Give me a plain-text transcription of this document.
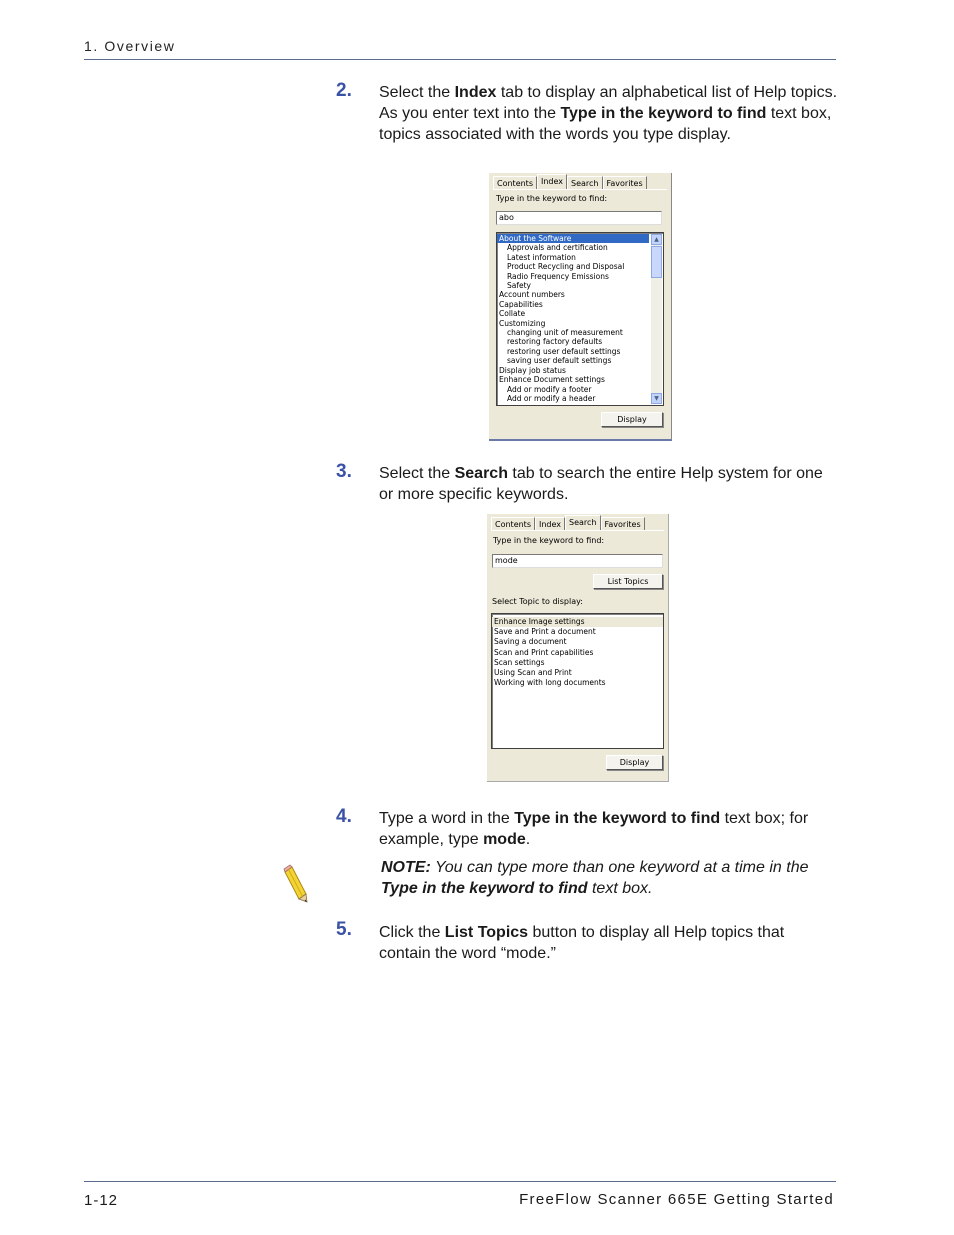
1. Overview
2. Select the Index tab to display an alphabetical list of Help topics. As you enter text into the Type in the keyword to find text box, topics associated with the words you type display.
Contents	Index	Search	Favorites
Type in the keyword to find:
abo
About the Software
Approvals and certification
Latest information
Product Recycling and Disposal
Radio Frequency Emissions
Safety
Account numbers
Capabilities
Collate
Customizing
changing unit of measurement
restoring factory defaults
restoring user default settings
saving user default settings
Display job status
Enhance Document settings
Add or modify a footer
Add or modify a header
▲
▼
Display
3. Select the Search tab to search the entire Help system for one or more specific keywords.
Contents	Index	Search	Favorites
Type in the keyword to find:
mode
List Topics
Select Topic to display:
Enhance Image settings
Save and Print a document
Saving a document
Scan and Print capabilities
Scan settings
Using Scan and Print
Working with long documents
Display
4. Type a word in the Type in the keyword to find text box; for example, type mode.
NOTE: You can type more than one keyword at a time in the Type in the keyword to find text box.
5. Click the List Topics button to display all Help topics that contain the word “mode.”
1-12	FreeFlow Scanner 665E Getting Started
